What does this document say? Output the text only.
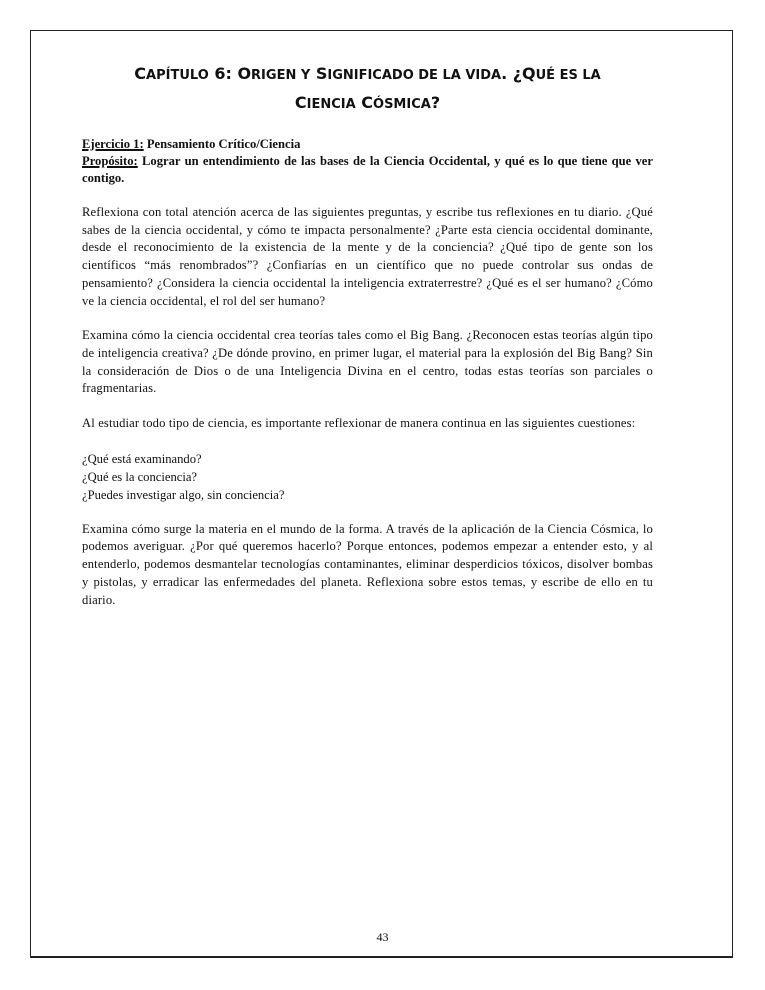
CAPÍTULO 6: ORIGEN Y SIGNIFICADO DE LA VIDA. ¿QUÉ ES LA
CIENCIA CÓSMICA?
Ejercicio 1: Pensamiento Crítico/Ciencia
Propósito: Lograr un entendimiento de las bases de la Ciencia Occidental, y qué es lo que tiene que ver contigo.

Reflexiona con total atención acerca de las siguientes preguntas, y escribe tus reflexiones en tu diario. ¿Qué sabes de la ciencia occidental, y cómo te impacta personalmente? ¿Parte esta ciencia occidental dominante, desde el reconocimiento de la existencia de la mente y de la conciencia? ¿Qué tipo de gente son los científicos “más renombrados”? ¿Confiarías en un científico que no puede controlar sus ondas de pensamiento? ¿Considera la ciencia occidental la inteligencia extraterrestre? ¿Qué es el ser humano? ¿Cómo ve la ciencia occidental, el rol del ser humano?

Examina cómo la ciencia occidental crea teorías tales como el Big Bang. ¿Reconocen estas teorías algún tipo de inteligencia creativa? ¿De dónde provino, en primer lugar, el material para la explosión del Big Bang? Sin la consideración de Dios o de una Inteligencia Divina en el centro, todas estas teorías son parciales o fragmentarias.

Al estudiar todo tipo de ciencia, es importante reflexionar de manera continua en las siguientes cuestiones:

¿Qué está examinando?
¿Qué es la conciencia?
¿Puedes investigar algo, sin conciencia?

Examina cómo surge la materia en el mundo de la forma. A través de la aplicación de la Ciencia Cósmica, lo podemos averiguar. ¿Por qué queremos hacerlo? Porque entonces, podemos empezar a entender esto, y al entenderlo, podemos desmantelar tecnologías contaminantes, eliminar desperdicios tóxicos, disolver bombas y pistolas, y erradicar las enfermedades del planeta. Reflexiona sobre estos temas, y escribe de ello en tu diario.

43
